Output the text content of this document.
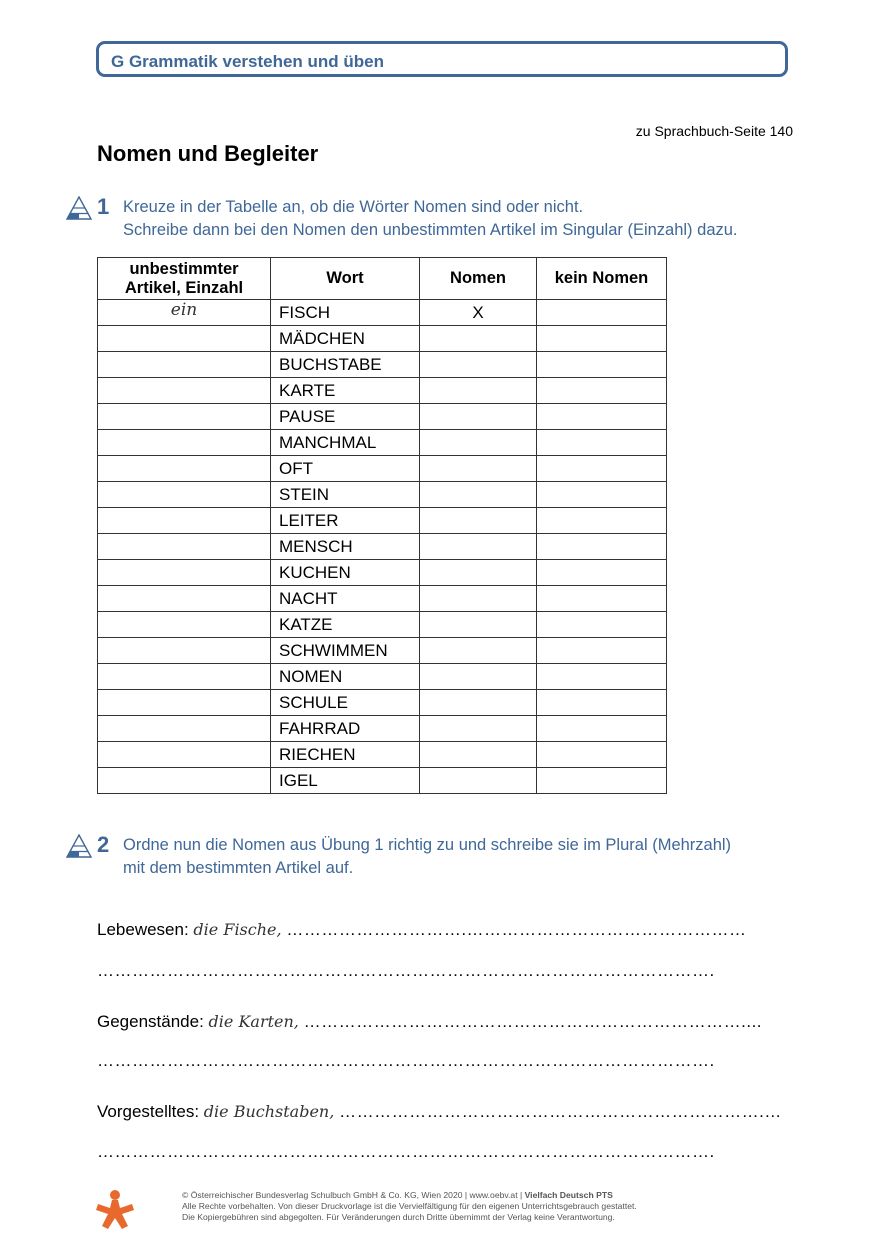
G Grammatik verstehen und üben
zu Sprachbuch-Seite 140
Nomen und Begleiter
1 Kreuze in der Tabelle an, ob die Wörter Nomen sind oder nicht.
Schreibe dann bei den Nomen den unbestimmten Artikel im Singular (Einzahl) dazu.
unbestimmter
Artikel, Einzahl	Wort	Nomen	kein Nomen
ein	FISCH	X	
	MÄDCHEN		
	BUCHSTABE		
	KARTE		
	PAUSE		
	MANCHMAL		
	OFT		
	STEIN		
	LEITER		
	MENSCH		
	KUCHEN		
	NACHT		
	KATZE		
	SCHWIMMEN		
	NOMEN		
	SCHULE		
	FAHRRAD		
	RIECHEN		
	IGEL		
2 Ordne nun die Nomen aus Übung 1 richtig zu und schreibe sie im Plural (Mehrzahl)
mit dem bestimmten Artikel auf.
Lebewesen: die Fische, ………………………….…………………………………………
…………………………………………………………………………………………….
Gegenstände: die Karten, …………………………………………………………………....
…………………………………………………………………………………………….
Vorgestelltes: die Buchstaben, ……………………………………………………………….…
…………………………………………………………………………………………….
© Österreichischer Bundesverlag Schulbuch GmbH & Co. KG, Wien 2020 | www.oebv.at | Vielfach Deutsch PTS
Alle Rechte vorbehalten. Von dieser Druckvorlage ist die Vervielfältigung für den eigenen Unterrichtsgebrauch gestattet.
Die Kopiergebühren sind abgegolten. Für Veränderungen durch Dritte übernimmt der Verlag keine Verantwortung.
